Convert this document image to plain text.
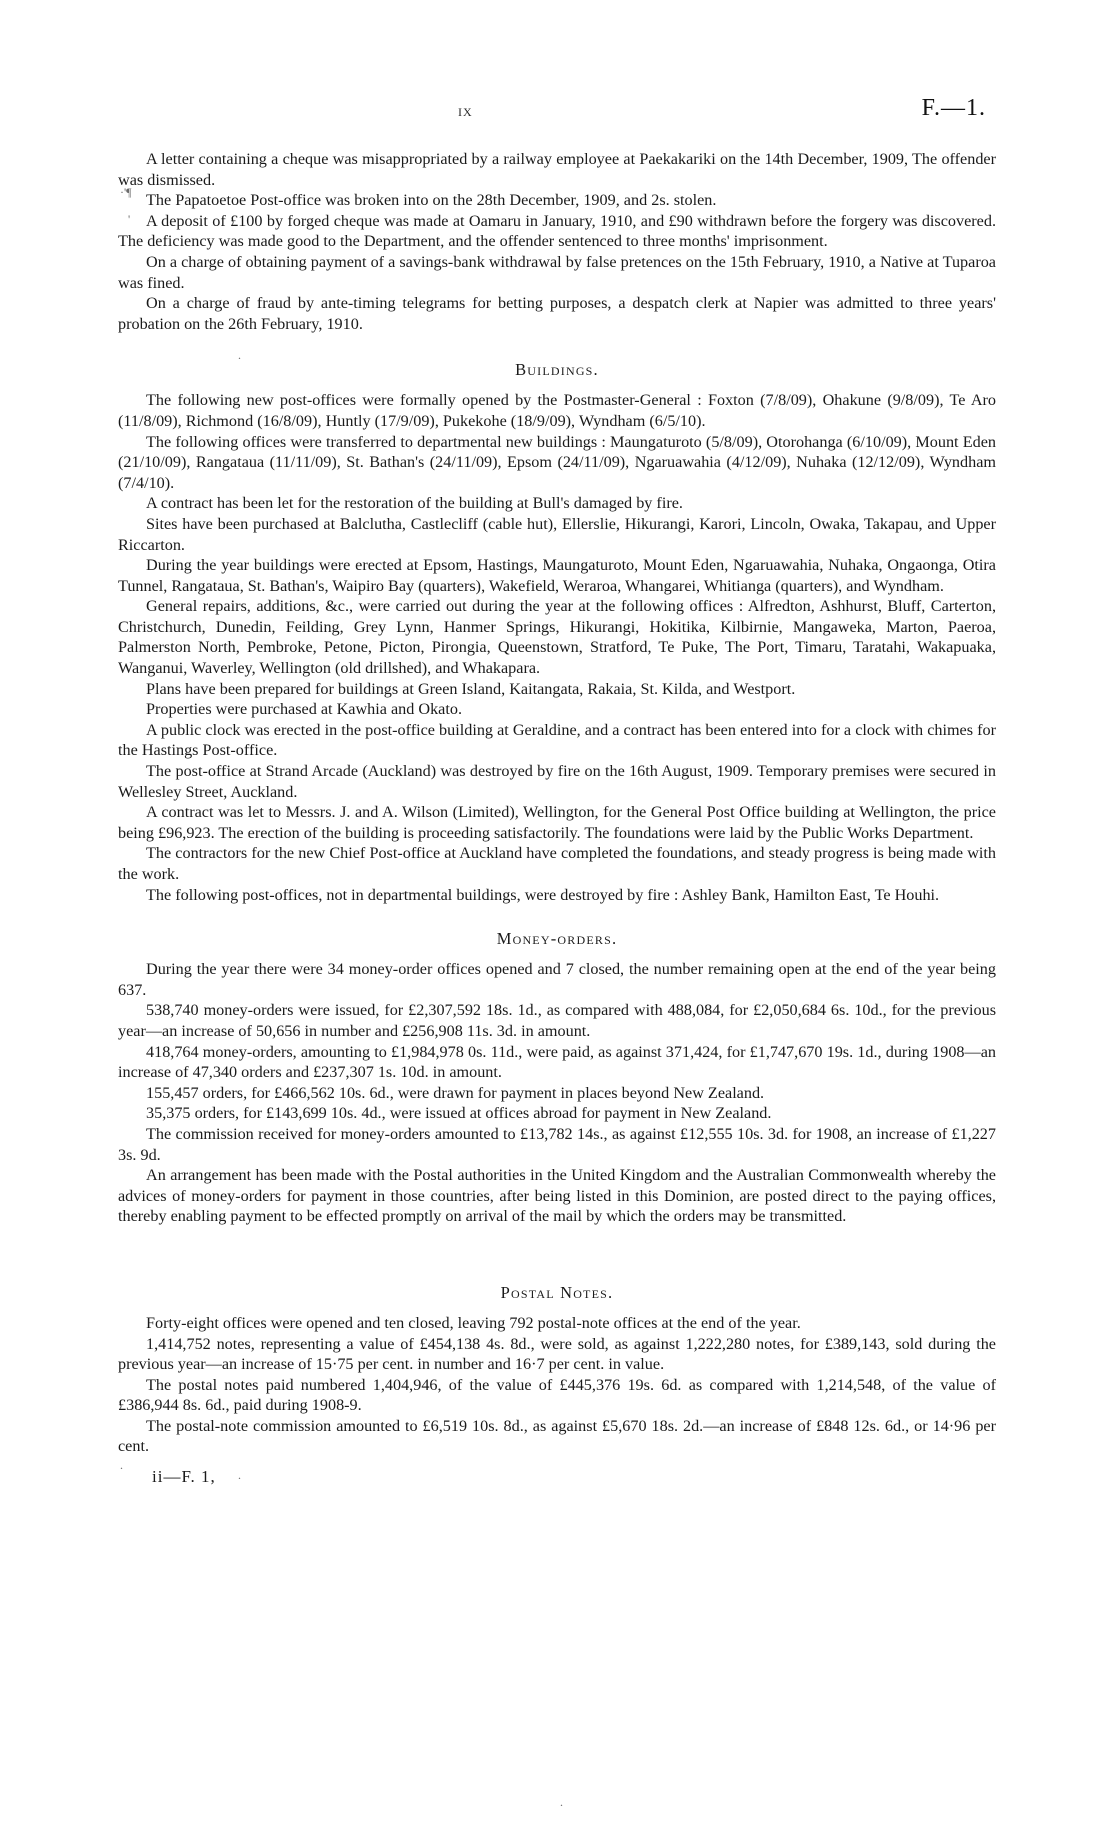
ix	F.—1.
·'¶
'
.
.
.
.

A letter containing a cheque was misappropriated by a railway employee at Paekakariki on the 14th December, 1909, The offender was dismissed.

The Papatoetoe Post-office was broken into on the 28th December, 1909, and 2s. stolen.

A deposit of £100 by forged cheque was made at Oamaru in January, 1910, and £90 withdrawn before the forgery was discovered. The deficiency was made good to the Department, and the offender sentenced to three months' imprisonment.

On a charge of obtaining payment of a savings-bank withdrawal by false pretences on the 15th February, 1910, a Native at Tuparoa was fined.

On a charge of fraud by ante-timing telegrams for betting purposes, a despatch clerk at Napier was admitted to three years' probation on the 26th February, 1910.

Buildings.

The following new post-offices were formally opened by the Postmaster-General : Foxton (7/8/09), Ohakune (9/8/09), Te Aro (11/8/09), Richmond (16/8/09), Huntly (17/9/09), Pukekohe (18/9/09), Wyndham (6/5/10).

The following offices were transferred to departmental new buildings : Maungaturoto (5/8/09), Otorohanga (6/10/09), Mount Eden (21/10/09), Rangataua (11/11/09), St. Bathan's (24/11/09), Epsom (24/11/09), Ngaruawahia (4/12/09), Nuhaka (12/12/09), Wyndham (7/4/10).

A contract has been let for the restoration of the building at Bull's damaged by fire.

Sites have been purchased at Balclutha, Castlecliff (cable hut), Ellerslie, Hikurangi, Karori, Lincoln, Owaka, Takapau, and Upper Riccarton.

During the year buildings were erected at Epsom, Hastings, Maungaturoto, Mount Eden, Ngaruawahia, Nuhaka, Ongaonga, Otira Tunnel, Rangataua, St. Bathan's, Waipiro Bay (quarters), Wakefield, Weraroa, Whangarei, Whitianga (quarters), and Wyndham.

General repairs, additions, &c., were carried out during the year at the following offices : Alfredton, Ashhurst, Bluff, Carterton, Christchurch, Dunedin, Feilding, Grey Lynn, Hanmer Springs, Hikurangi, Hokitika, Kilbirnie, Mangaweka, Marton, Paeroa, Palmerston North, Pembroke, Petone, Picton, Pirongia, Queenstown, Stratford, Te Puke, The Port, Timaru, Taratahi, Wakapuaka, Wanganui, Waverley, Wellington (old drillshed), and Whakapara.

Plans have been prepared for buildings at Green Island, Kaitangata, Rakaia, St. Kilda, and Westport.

Properties were purchased at Kawhia and Okato.

A public clock was erected in the post-office building at Geraldine, and a contract has been entered into for a clock with chimes for the Hastings Post-office.

The post-office at Strand Arcade (Auckland) was destroyed by fire on the 16th August, 1909. Temporary premises were secured in Wellesley Street, Auckland.

A contract was let to Messrs. J. and A. Wilson (Limited), Wellington, for the General Post Office building at Wellington, the price being £96,923. The erection of the building is proceeding satisfactorily. The foundations were laid by the Public Works Department.

The contractors for the new Chief Post-office at Auckland have completed the foundations, and steady progress is being made with the work.

The following post-offices, not in departmental buildings, were destroyed by fire : Ashley Bank, Hamilton East, Te Houhi.

Money-orders.

During the year there were 34 money-order offices opened and 7 closed, the number remaining open at the end of the year being 637.

538,740 money-orders were issued, for £2,307,592 18s. 1d., as compared with 488,084, for £2,050,684 6s. 10d., for the previous year—an increase of 50,656 in number and £256,908 11s. 3d. in amount.

418,764 money-orders, amounting to £1,984,978 0s. 11d., were paid, as against 371,424, for £1,747,670 19s. 1d., during 1908—an increase of 47,340 orders and £237,307 1s. 10d. in amount.

155,457 orders, for £466,562 10s. 6d., were drawn for payment in places beyond New Zealand.

35,375 orders, for £143,699 10s. 4d., were issued at offices abroad for payment in New Zealand.

The commission received for money-orders amounted to £13,782 14s., as against £12,555 10s. 3d. for 1908, an increase of £1,227 3s. 9d.

An arrangement has been made with the Postal authorities in the United Kingdom and the Australian Commonwealth whereby the advices of money-orders for payment in those countries, after being listed in this Dominion, are posted direct to the paying offices, thereby enabling payment to be effected promptly on arrival of the mail by which the orders may be transmitted.

Postal Notes.

Forty-eight offices were opened and ten closed, leaving 792 postal-note offices at the end of the year.

1,414,752 notes, representing a value of £454,138 4s. 8d., were sold, as against 1,222,280 notes, for £389,143, sold during the previous year—an increase of 15·75 per cent. in number and 16·7 per cent. in value.

The postal notes paid numbered 1,404,946, of the value of £445,376 19s. 6d. as compared with 1,214,548, of the value of £386,944 8s. 6d., paid during 1908-9.

The postal-note commission amounted to £6,519 10s. 8d., as against £5,670 18s. 2d.—an increase of £848 12s. 6d., or 14·96 per cent.

ii—F. 1,
